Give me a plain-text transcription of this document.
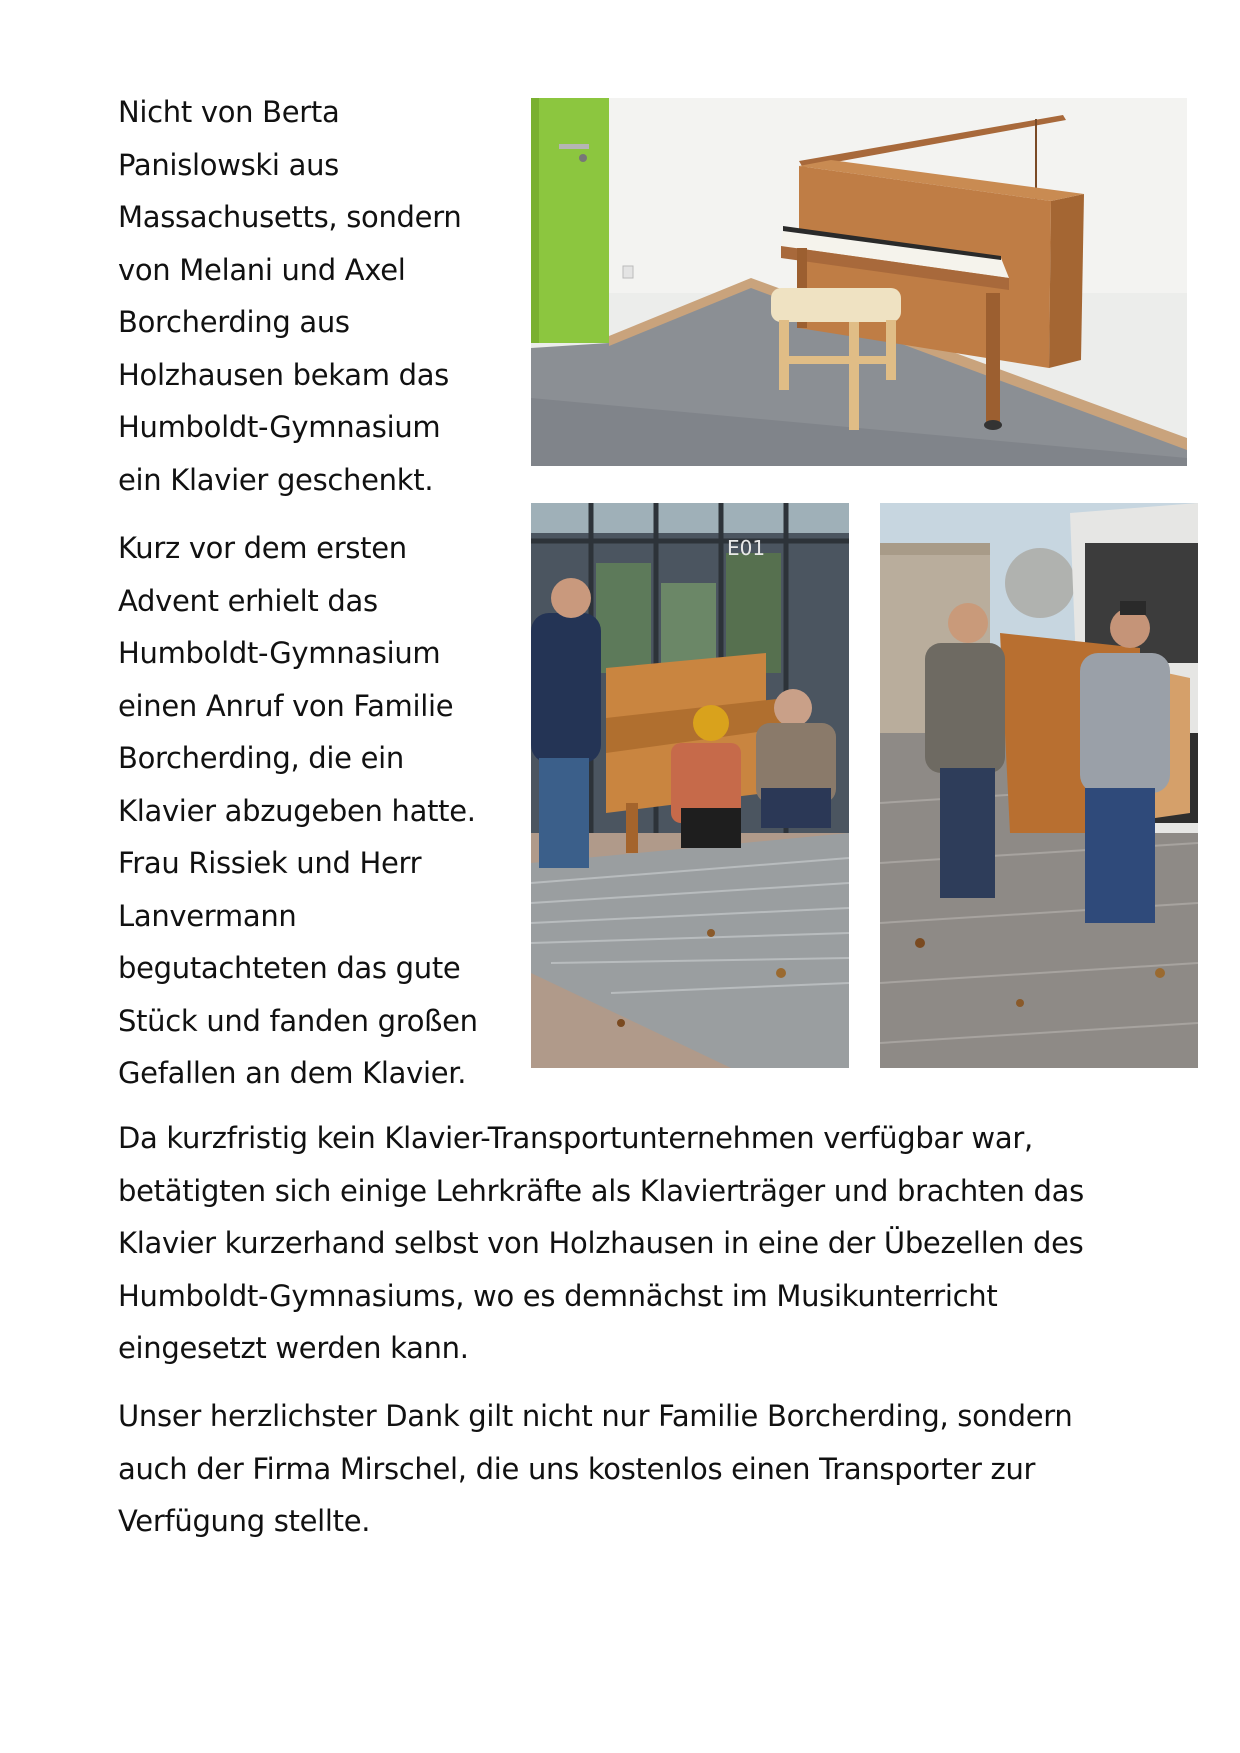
Nicht von Berta
Panislowski aus
Massachusetts, sondern
von Melani und Axel
Borcherding aus
Holzhausen bekam das
Humboldt-Gymnasium
ein Klavier geschenkt.

Kurz vor dem ersten
Advent erhielt das
Humboldt-Gymnasium
einen Anruf von Familie
Borcherding, die ein
Klavier abzugeben hatte.
Frau Rissiek und Herr
Lanvermann
begutachteten das gute
Stück und fanden großen
Gefallen an dem Klavier.

Da kurzfristig kein Klavier-Transportunternehmen verfügbar war,
betätigten sich einige Lehrkräfte als Klavierträger und brachten das
Klavier kurzerhand selbst von Holzhausen in eine der Übezellen des
Humboldt-Gymnasiums, wo es demnächst im Musikunterricht
eingesetzt werden kann.

Unser herzlichster Dank gilt nicht nur Familie Borcherding, sondern
auch der Firma Mirschel, die uns kostenlos einen Transporter zur
Verfügung stellte.

E01
